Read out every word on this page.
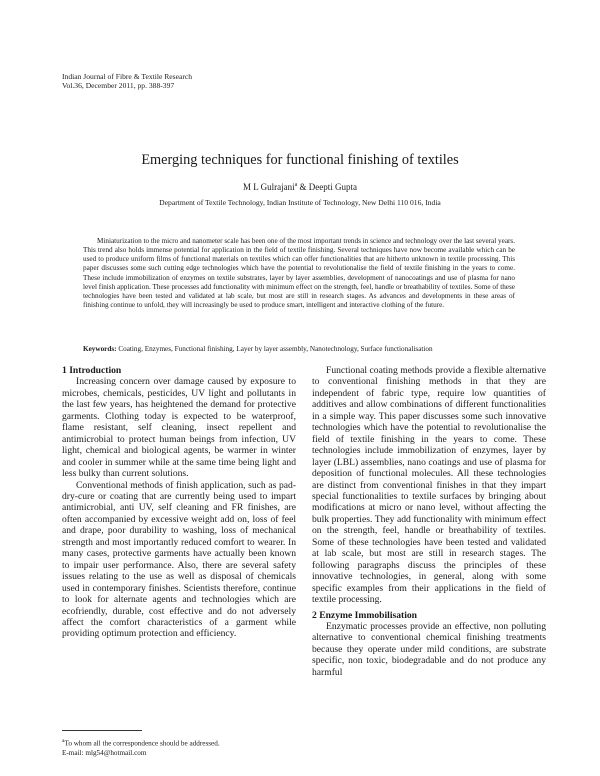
Indian Journal of Fibre & Textile Research
Vol.36, December 2011, pp. 388-397
Emerging techniques for functional finishing of textiles
M L Gulrajani$^a$ & Deepti Gupta
Department of Textile Technology, Indian Institute of Technology, New Delhi 110 016, India

Miniaturization to the micro and nanometer scale has been one of the most important trends in science and technology over the last several years. This trend also holds immense potential for application in the field of textile finishing. Several techniques have now become available which can be used to produce uniform films of functional materials on textiles which can offer functionalities that are hitherto unknown in textile processing. This paper discusses some such cutting edge technologies which have the potential to revolutionalise the field of textile finishing in the years to come. These include immobilization of enzymes on textile substrates, layer by layer assemblies, development of nanocoatings and use of plasma for nano level finish application. These processes add functionality with minimum effect on the strength, feel, handle or breathability of textiles. Some of these technologies have been tested and validated at lab scale, but most are still in research stages. As advances and developments in these areas of finishing continue to unfold, they will increasingly be used to produce smart, intelligent and interactive clothing of the future.

Keywords: Coating, Enzymes, Functional finishing, Layer by layer assembly, Nanotechnology, Surface functionalisation
1 Introduction

Increasing concern over damage caused by exposure to microbes, chemicals, pesticides, UV light and pollutants in the last few years, has heightened the demand for protective garments. Clothing today is expected to be waterproof, flame resistant, self cleaning, insect repellent and antimicrobial to protect human beings from infection, UV light, chemical and biological agents, be warmer in winter and cooler in summer while at the same time being light and less bulky than current solutions.

Conventional methods of finish application, such as pad-dry-cure or coating that are currently being used to impart antimicrobial, anti UV, self cleaning and FR finishes, are often accompanied by excessive weight add on, loss of feel and drape, poor durability to washing, loss of mechanical strength and most importantly reduced comfort to wearer. In many cases, protective garments have actually been known to impair user performance. Also, there are several safety issues relating to the use as well as disposal of chemicals used in contemporary finishes. Scientists therefore, continue to look for alternate agents and technologies which are ecofriendly, durable, cost effective and do not adversely affect the comfort characteristics of a garment while providing optimum protection and efficiency.

Functional coating methods provide a flexible alternative to conventional finishing methods in that they are independent of fabric type, require low quantities of additives and allow combinations of different functionalities in a simple way. This paper discusses some such innovative technologies which have the potential to revolutionalise the field of textile finishing in the years to come. These technologies include immobilization of enzymes, layer by layer (LBL) assemblies, nano coatings and use of plasma for deposition of functional molecules. All these technologies are distinct from conventional finishes in that they impart special functionalities to textile surfaces by bringing about modifications at micro or nano level, without affecting the bulk properties. They add functionality with minimum effect on the strength, feel, handle or breathability of textiles. Some of these technologies have been tested and validated at lab scale, but most are still in research stages. The following paragraphs discuss the principles of these innovative technologies, in general, along with some specific examples from their applications in the field of textile processing.

2 Enzyme Immobilisation

Enzymatic processes provide an effective, non polluting alternative to conventional chemical finishing treatments because they operate under mild conditions, are substrate specific, non toxic, biodegradable and do not produce any harmful

$^a$To whom all the correspondence should be addressed.
E-mail: mlg54@hotmail.com
